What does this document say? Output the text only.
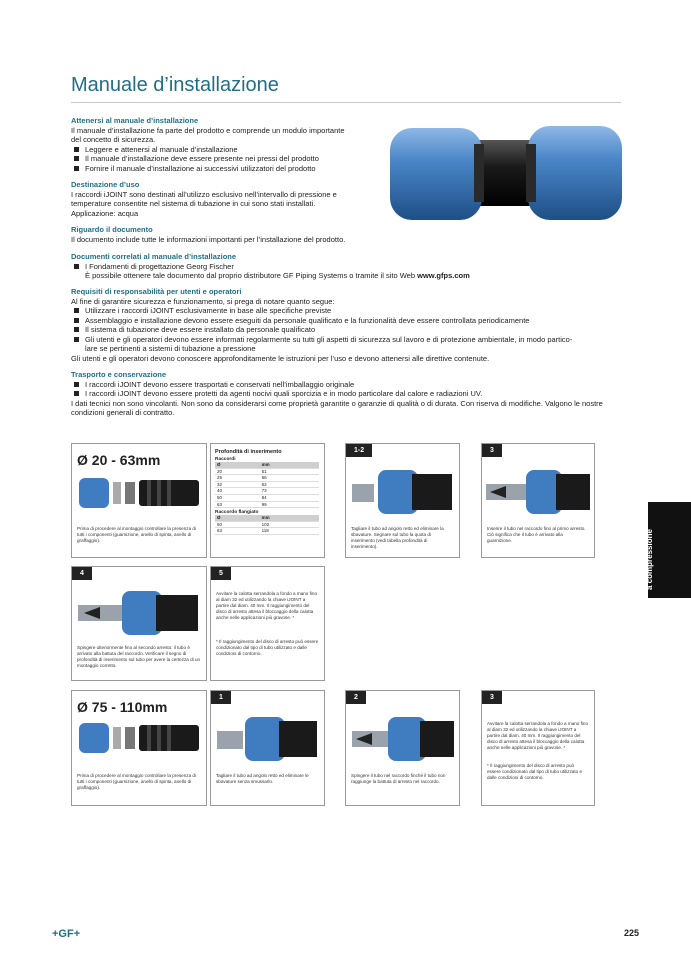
Manuale d’installazione
Attenersi al manuale d’installazione
Il manuale d’installazione fa parte del prodotto e comprende un modulo importante
del concetto di sicurezza.
Leggere e attenersi al manuale d’installazione
Il manuale d’installazione deve essere presente nei pressi del prodotto
Fornire il manuale d’installazione ai successivi utilizzatori del prodotto
Destinazione d’uso
I raccordi iJOINT sono destinati all’utilizzo esclusivo nell’intervallo di pressione e
temperature consentite nel sistema di tubazione in cui sono stati installati.
Applicazione: acqua
Riguardo il documento
Il documento include tutte le informazioni importanti per l’installazione del prodotto.
Documenti correlati al manuale d’installazione
I Fondamenti di progettazione Georg Fischer
È possibile ottenere tale documento dal proprio distributore GF Piping Systems o tramite il sito Web www.gfps.com
Requisiti di responsabilità per utenti e operatori
Al fine di garantire sicurezza e funzionamento, si prega di notare quanto segue:
Utilizzare i raccordi iJOINT esclusivamente in base alle specifiche previste
Assemblaggio e installazione devono essere eseguiti da personale qualificato e la funzionalità deve essere controllata periodicamente
Il sistema di tubazione deve essere installato da personale qualificato
Gli utenti e gli operatori devono essere informati regolarmente su tutti gli aspetti di sicurezza sul lavoro e di protezione ambientale, in modo partico-
lare se pertinenti a sistemi di tubazione a pressione
Gli utenti e gli operatori devono conoscere approfonditamente le istruzioni per l’uso e devono attenersi alle direttive contenute.
Trasporto e conservazione
I raccordi iJOINT devono essere trasportati e conservati nell’imballaggio originale
I raccordi iJOINT devono essere protetti da agenti nocivi quali sporcizia e in modo particolare dal calore e radiazioni UV.
I dati tecnici non sono vincolanti. Non sono da considerarsi come proprietà garantite o garanzie di qualità o di durata. Con riserva di modifiche. Valgono le nostre condizioni generali di contratto.
Ø 20 - 63mm
Prima di procedere al montaggio controllare la presenza di tutti i componenti (guarnizione, anello di spinta, anello di graffaggio).
Profondità di inserimento
Raccordi
Ø	mm
20	51
25	56
32	62
40	73
50	84
63	99
Raccordo flangiato
Ø	mm
50	102
63	118
1-2
Tagliare il tubo ad angolo retto ed eliminare la sbavature. Segnare sul tubo la quota di inserimento (vedi tabella profondità di inserimento).
3
Inserire il tubo nel raccordo fino al primo arresto. Ciò significa che il tubo è arrivato alla guarnizione.
4
Spingere ulteriormente fino al secondo arresto: il tubo è arrivato alla battuta del raccordo. Verificare il segno di profondità di inserimento sul tubo per avere la certezza di un montaggio corretto.
5
Avvitare la calotta serrandola a fondo a mano fino al diam 32 ed utilizzando la chiave iJOINT a partire dal diam. 40 mm. Il raggiungimento del disco di arresto attesa il bloccaggio della calotta anche nelle applicazioni più gravose. *
* Il raggiungimento del disco di arresto può essere condizionato dal tipo di tubo utilizzato e dalle condizioni di contorno.
Ø 75 - 110mm
Prima di procedere al montaggio controllare la presenza di tutti i componenti (guarnizione, anello di spinta, anello di graffaggio).
1
Tagliare il tubo ad angolo retto ed eliminare le sbavature senza smussarlo.
2
Spingere il tubo nel raccordo finché il tubo non raggiunge la battuta di arresto nel raccordo.
3
Avvitare la calotta serrandola a fondo a mano fino al diam 32 ed utilizzando la chiave iJOINT a partire dal diam. 40 mm. Il raggiungimento del disco di arresto attesa il bloccaggio della calotta anche nelle applicazioni più gravose. *
* Il raggiungimento del disco di arresto può essere condizionato dal tipo di tubo utilizzato e dalle condizioni di contorno.
iJOINT Raccordi a compressione
+GF+	225
